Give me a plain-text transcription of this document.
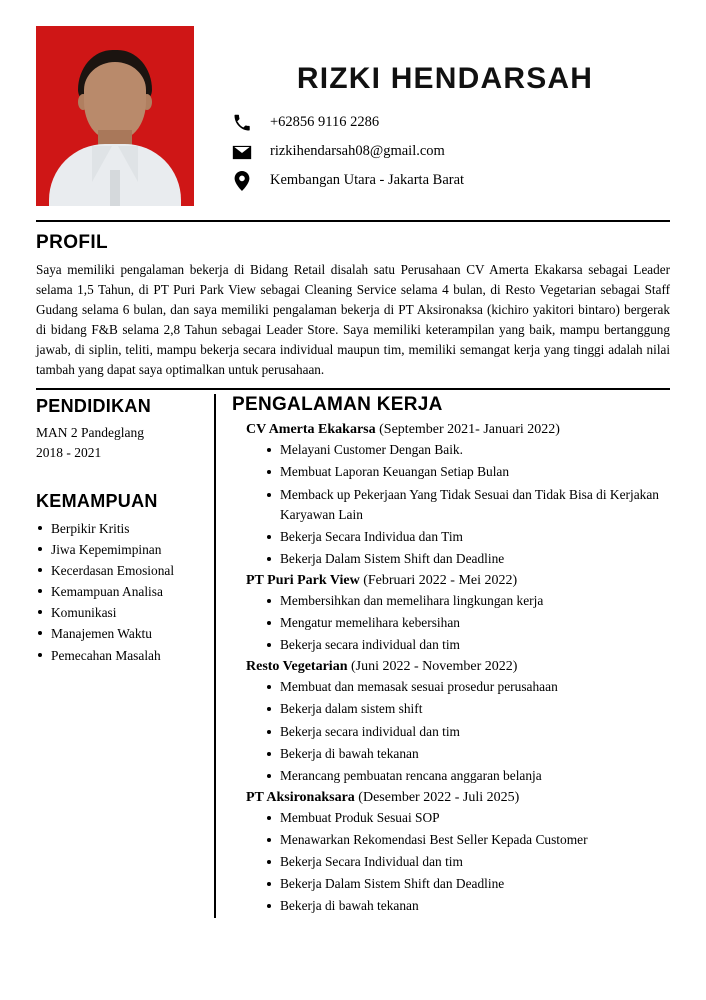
RIZKI HENDARSAH
+62856 9116 2286
rizkihendarsah08@gmail.com
Kembangan Utara - Jakarta Barat
PROFIL
Saya memiliki pengalaman bekerja di Bidang Retail disalah satu Perusahaan CV Amerta Ekakarsa sebagai Leader selama 1,5 Tahun, di PT Puri Park View sebagai Cleaning Service selama 4 bulan, di Resto Vegetarian sebagai Staff Gudang selama 6 bulan, dan saya memiliki pengalaman bekerja di PT Aksironaksa (kichiro yakitori bintaro) bergerak di bidang F&B selama 2,8 Tahun sebagai Leader Store. Saya memiliki keterampilan yang baik, mampu bertanggung jawab, di siplin, teliti, mampu bekerja secara individual maupun tim, memiliki semangat kerja yang tinggi adalah nilai tambah yang dapat saya optimalkan untuk perusahaan.
PENDIDIKAN
MAN 2 Pandeglang
2018 - 2021
KEMAMPUAN
Berpikir Kritis
Jiwa Kepemimpinan
Kecerdasan Emosional
Kemampuan Analisa
Komunikasi
Manajemen Waktu
Pemecahan Masalah
PENGALAMAN KERJA
CV Amerta Ekakarsa (September 2021- Januari 2022)
Melayani Customer Dengan Baik.
Membuat Laporan Keuangan Setiap Bulan
Memback up Pekerjaan Yang Tidak Sesuai dan Tidak Bisa di Kerjakan Karyawan Lain
Bekerja Secara Individua dan Tim
Bekerja Dalam Sistem Shift dan Deadline
PT Puri Park View (Februari 2022 - Mei 2022)
Membersihkan dan memelihara lingkungan kerja
Mengatur memelihara kebersihan
Bekerja secara individual dan tim
Resto Vegetarian (Juni 2022 - November 2022)
Membuat dan memasak sesuai prosedur perusahaan
Bekerja dalam sistem shift
Bekerja secara individual dan tim
Bekerja di bawah tekanan
Merancang pembuatan rencana anggaran belanja
PT Aksironaksara (Desember 2022 - Juli 2025)
Membuat Produk Sesuai SOP
Menawarkan Rekomendasi Best Seller Kepada Customer
Bekerja Secara Individual dan tim
Bekerja Dalam Sistem Shift dan Deadline
Bekerja di bawah tekanan
